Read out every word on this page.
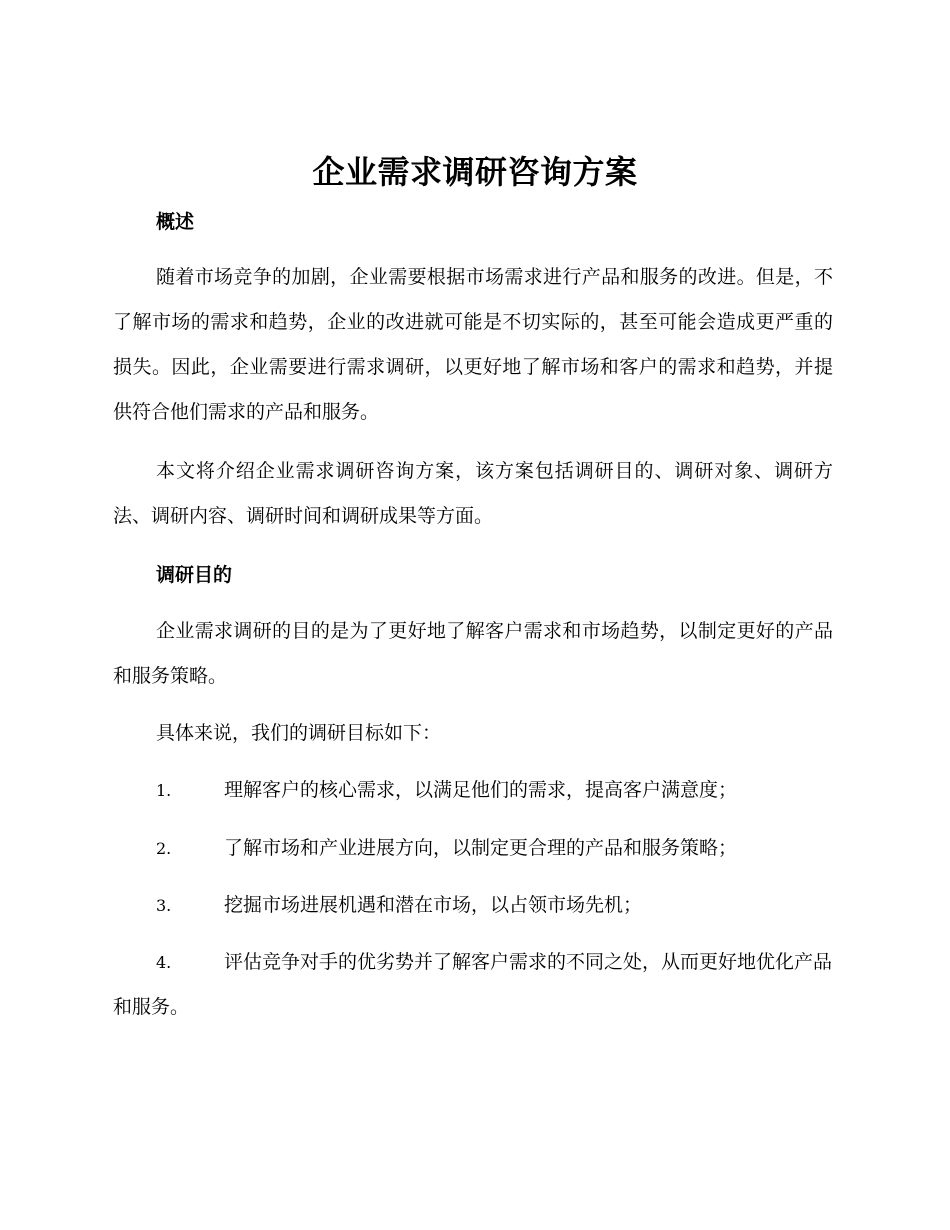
企业需求调研咨询方案
概述

随着市场竞争的加剧，企业需要根据市场需求进行产品和服务的改进。但是，不了解市场的需求和趋势，企业的改进就可能是不切实际的，甚至可能会造成更严重的损失。因此，企业需要进行需求调研，以更好地了解市场和客户的需求和趋势，并提供符合他们需求的产品和服务。

本文将介绍企业需求调研咨询方案，该方案包括调研目的、调研对象、调研方法、调研内容、调研时间和调研成果等方面。

调研目的

企业需求调研的目的是为了更好地了解客户需求和市场趋势，以制定更好的产品和服务策略。

具体来说，我们的调研目标如下：

1.	理解客户的核心需求，以满足他们的需求，提高客户满意度；
2.	了解市场和产业进展方向，以制定更合理的产品和服务策略；
3.	挖掘市场进展机遇和潜在市场，以占领市场先机；
4.	评估竞争对手的优劣势并了解客户需求的不同之处，从而更好地优化产品和服务。
